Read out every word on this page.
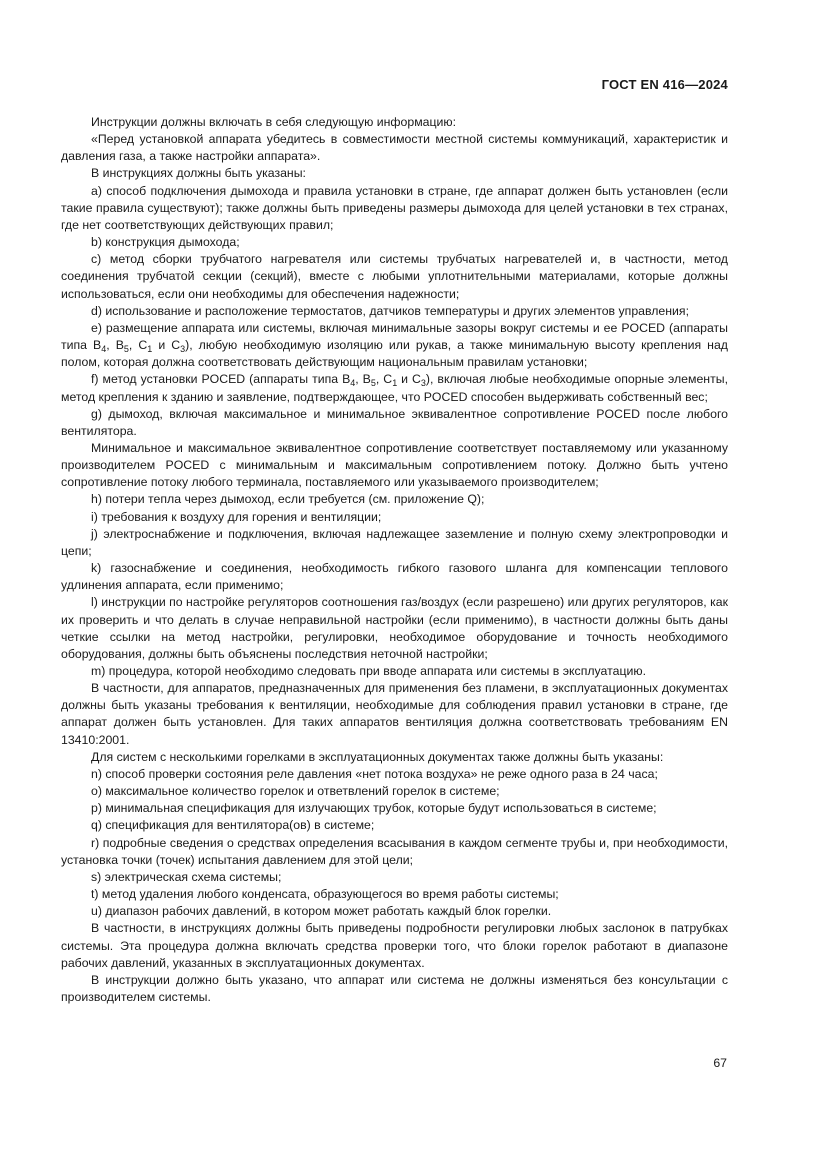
ГОСТ EN 416—2024

Инструкции должны включать в себя следующую информацию:

«Перед установкой аппарата убедитесь в совместимости местной системы коммуникаций, характеристик и давления газа, а также настройки аппарата».

В инструкциях должны быть указаны:

a) способ подключения дымохода и правила установки в стране, где аппарат должен быть установлен (если такие правила существуют); также должны быть приведены размеры дымохода для целей установки в тех странах, где нет соответствующих действующих правил;

b) конструкция дымохода;

c) метод сборки трубчатого нагревателя или системы трубчатых нагревателей и, в частности, метод соединения трубчатой секции (секций), вместе с любыми уплотнительными материалами, которые должны использоваться, если они необходимы для обеспечения надежности;

d) использование и расположение термостатов, датчиков температуры и других элементов управления;

e) размещение аппарата или системы, включая минимальные зазоры вокруг системы и ее POCED (аппараты типа $B_4$, $B_5$, $C_1$ и $C_3$), любую необходимую изоляцию или рукав, а также минимальную высоту крепления над полом, которая должна соответствовать действующим национальным правилам установки;

f) метод установки POCED (аппараты типа $B_4$, $B_5$, $C_1$ и $C_3$), включая любые необходимые опорные элементы, метод крепления к зданию и заявление, подтверждающее, что POCED способен выдерживать собственный вес;

g) дымоход, включая максимальное и минимальное эквивалентное сопротивление POCED после любого вентилятора.

Минимальное и максимальное эквивалентное сопротивление соответствует поставляемому или указанному производителем POCED с минимальным и максимальным сопротивлением потоку. Должно быть учтено сопротивление потоку любого терминала, поставляемого или указываемого производителем;

h) потери тепла через дымоход, если требуется (см. приложение Q);

i) требования к воздуху для горения и вентиляции;

j) электроснабжение и подключения, включая надлежащее заземление и полную схему электропроводки и цепи;

k) газоснабжение и соединения, необходимость гибкого газового шланга для компенсации теплового удлинения аппарата, если применимо;

l) инструкции по настройке регуляторов соотношения газ/воздух (если разрешено) или других регуляторов, как их проверить и что делать в случае неправильной настройки (если применимо), в частности должны быть даны четкие ссылки на метод настройки, регулировки, необходимое оборудование и точность необходимого оборудования, должны быть объяснены последствия неточной настройки;

m) процедура, которой необходимо следовать при вводе аппарата или системы в эксплуатацию.

В частности, для аппаратов, предназначенных для применения без пламени, в эксплуатационных документах должны быть указаны требования к вентиляции, необходимые для соблюдения правил установки в стране, где аппарат должен быть установлен. Для таких аппаратов вентиляция должна соответствовать требованиям EN 13410:2001.

Для систем с несколькими горелками в эксплуатационных документах также должны быть указаны:

n) способ проверки состояния реле давления «нет потока воздуха» не реже одного раза в 24 часа;

o) максимальное количество горелок и ответвлений горелок в системе;

p) минимальная спецификация для излучающих трубок, которые будут использоваться в системе;

q) спецификация для вентилятора(ов) в системе;

r) подробные сведения о средствах определения всасывания в каждом сегменте трубы и, при необходимости, установка точки (точек) испытания давлением для этой цели;

s) электрическая схема системы;

t) метод удаления любого конденсата, образующегося во время работы системы;

u) диапазон рабочих давлений, в котором может работать каждый блок горелки.

В частности, в инструкциях должны быть приведены подробности регулировки любых заслонок в патрубках системы. Эта процедура должна включать средства проверки того, что блоки горелок работают в диапазоне рабочих давлений, указанных в эксплуатационных документах.

В инструкции должно быть указано, что аппарат или система не должны изменяться без консультации с производителем системы.

67
